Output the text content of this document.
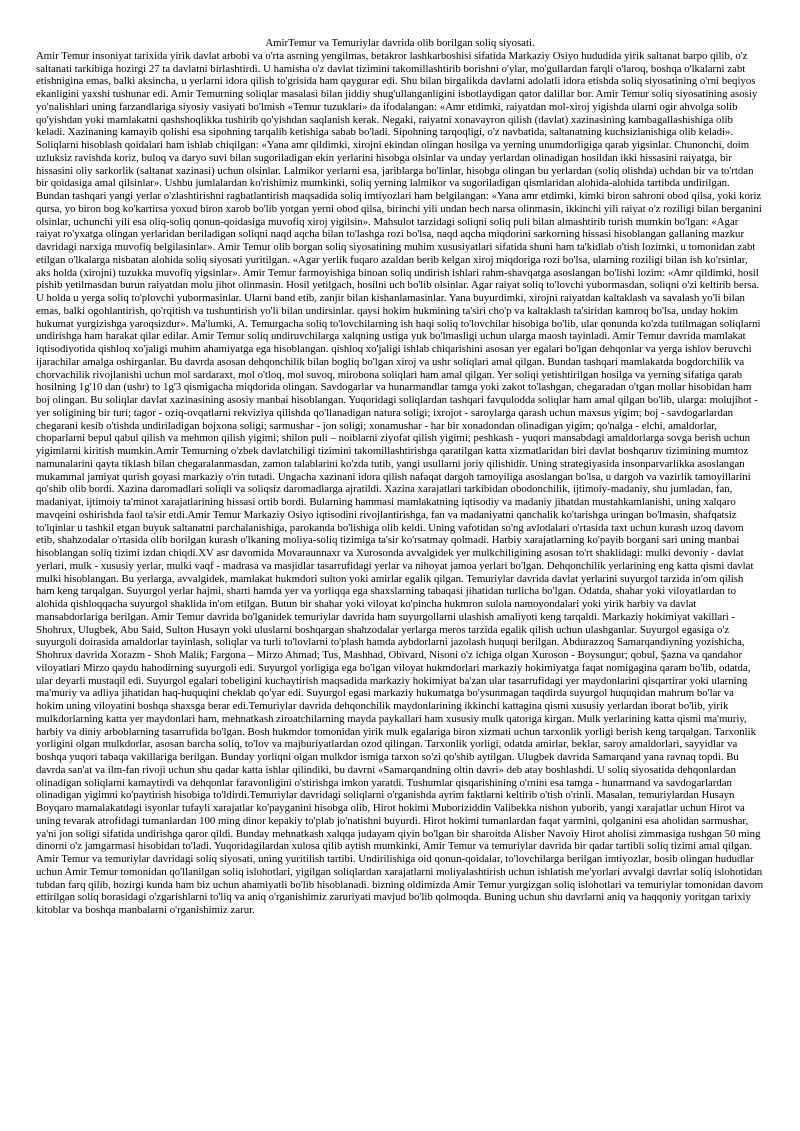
AmirTemur va Temuriylar davrida olib borilgan soliq siyosati.

Amir Temur insoniyat tarixida yirik davlat arbobi va o'rta asrning yengilmas, betakror lashkarboshisi sifatida Markaziy Osiyo hududida yirik saltanat barpo qilib, o'z saltanati tarkibiga hozirgi 27 ta davlatni birlashtirdi. U hamisha o'z davlat tizimini takomillashtirib borishni o'ylar, mo'gullardan farqli o'laroq, boshqa o'lkalarni zabt etishnigina emas, balki aksincha, u yerlarni idora qilish to'grisida ham qaygurar edi. Shu bilan birgalikda davlatni adolatli idora etishda soliq siyosatining o'rni beqiyos ekanligini yaxshi tushunar edi. Amir Temurning soliqlar masalasi bilan jiddiy shug'ullanganligini isbotlaydigan qator dalillar bor. Amir Temur soliq siyosatining asosiy yo'nalishlari uning farzandlariga siyosiy vasiyati bo'lmish «Temur tuzuklari» da ifodalangan: «Amr etdimki, raiyatdan mol-xiroj yigishda ularni ogir ahvolga solib qo'yishdan yoki mamlakatni qashshoqlikka tushirib qo'yishdan saqlanish kerak. Negaki, raiyatni xonavayron qilish (davlat) xazinasining kambagallashishiga olib keladi. Xazinaning kamayib qolishi esa sipohning tarqalib ketishiga sabab bo'ladi. Sipohning tarqoqligi, o'z navbatida, saltanatning kuchsizlanishiga olib keladi». Soliqlarni hisoblash qoidalari ham ishlab chiqilgan: «Yana amr qildimki, xirojni ekindan olingan hosilga va yerning unumdorligiga qarab yigsinlar. Chunonchi, doim uzluksiz ravishda koriz, buloq va daryo suvi bilan sugoriladigan ekin yerlarini hisobga olsinlar va unday yerlardan olinadigan hosildan ikki hissasini raiyatga, bir hissasini oliy sarkorlik (saltanat xazinasi) uchun olsinlar. Lalmikor yerlarni esa, jariblarga bo'linlar, hisobga olingan bu yerlardan (soliq olishda) uchdan bir va to'rtdan bir qoidasiga amal qilsinlar». Ushbu jumlalardan ko'rishimiz mumkinki, soliq yerning lalmikor va sugoriladigan qismlaridan alohida-alohida tartibda undirilgan. Bundan tashqari yangi yerlar o'zlashtirishni ragbatlantirish maqsadida soliq imtiyozlari ham belgilangan: «Yana amr etdimki, kimki biron sahroni obod qilsa, yoki koriz qursa, yo biron bog ko'kartirsa yoxud biron xarob bo'lib yotgan yerni obod qilsa, birinchi yili undan hech narsa olinmasin, ikkinchi yili raiyat o'z roziligi bilan berganini olsinlar, uchunchi yili esa oliq-soliq qonun-qoidasiga muvofiq xiroj yigilsin». Mahsulot tarzidagi soliqni soliq puli bilan almashtirib turish mumkin bo'lgan: «Agar raiyat ro'yxatga olingan yerlaridan beriladigan soliqni naqd aqcha bilan to'lashga rozi bo'lsa, naqd aqcha miqdorini sarkorning hissasi hisoblangan gallaning mazkur davridagi narxiga muvofiq belgilasinlar». Amir Temur olib borgan soliq siyosatining muhim xususiyatlari sifatida shuni ham ta'kidlab o'tish lozimki, u tomonidan zabt etilgan o'lkalarga nisbatan alohida soliq siyosati yuritilgan. «Agar yerlik fuqaro azaldan berib kelgan xiroj miqdoriga rozi bo'lsa, ularning roziligi bilan ish ko'rsinlar, aks holda (xirojni) tuzukka muvofiq yigsinlar». Amir Temur farmoyishiga binoan soliq undirish ishlari rahm-shavqatga asoslangan bo'lishi lozim: «Amr qildimki, hosil pishib yetilmasdan burun raiyatdan molu jihot olinmasin. Hosil yetilgach, hosilni uch bo'lib olsinlar. Agar raiyat soliq to'lovchi yubormasdan, soliqni o'zi keltirib bersa. U holda u yerga soliq to'plovchi yubormasinlar. Ularni band etib, zanjir bilan kishanlamasinlar. Yana buyurdimki, xirojni raiyatdan kaltaklash va savalash yo'li bilan emas, balki ogohlantirish, qo'rqitish va tushuntirish yo'li bilan undirsinlar. qaysi hokim hukmining ta'siri cho'p va kaltaklash ta'siridan kamroq bo'lsa, unday hokim hukumat yurgizishga yaroqsizdur». Ma'lumki, A. Temurgacha soliq to'lovchilarning ish haqi soliq to'lovchilar hisobiga bo'lib, ular qonunda ko'zda tutilmagan soliqlarni undirishga ham harakat qilar edilar. Amir Temur soliq undiruvchilarga xalqning ustiga yuk bo'lmasligi uchun ularga maosh tayinladi. Amir Temur davrida mamlakat iqtisodiyotida qishloq xo'jaligi muhim ahamiyatga ega hisoblangan. qishloq xo'jaligi ishlab chiqarishini asosan yer egalari bo'lgan dehqonlar va yerga ishlov beruvchi ijarachilar amalga oshirganlar. Bu davrda asosan dehqonchilik bilan bogliq bo'lgan xiroj va ushr soliqlari amal qilgan. Bundan tashqari mamlakatda bogdorchilik va chorvachilik rivojlanishi uchun mol sardaraxt, mol o'tloq, mol suvoq, mirobona soliqlari ham amal qilgan. Yer soliqi yetishtirilgan hosilga va yerning sifatiga qarab hosilning 1g'10 dan (ushr) to 1g'3 qismigacha miqdorida olingan. Savdogarlar va hunarmandlar tamga yoki zakot to'lashgan, chegaradan o'tgan mollar hisobidan ham boj olingan. Bu soliqlar davlat xazinasining asosiy manbai hisoblangan. Yuqoridagi soliqlardan tashqari favqulodda soliqlar ham amal qilgan bo'lib, ularga: molujihot - yer soligining bir turi; tagor - oziq-ovqatlarni rekviziya qilishda qo'llanadigan natura soligi; ixrojot - saroylarga qarash uchun maxsus yigim; boj - savdogarlardan chegarani kesib o'tishda undiriladigan bojxona soligi; sarmushar - jon soligi; xonamushar - har bir xonadondan olinadigan yigim; qo'nalga - elchi, amaldorlar, choparlarni bepul qabul qilish va mehmon qilish yigimi; shilon puli – noiblarni ziyofat qilish yigimi; peshkash - yuqori mansabdagi amaldorlarga sovga berish uchun yigimlarni kiritish mumkin.Amir Temurning o'zbek davlatchiligi tizimini takomillashtirishga qaratilgan katta xizmatlaridan biri davlat boshqaruv tizimining mumtoz namunalarini qayta tiklash bilan chegaralanmasdan, zamon talablarini ko'zda tutib, yangi usullarni joriy qilishidir. Uning strategiyasida insonparvarlikka asoslangan mukammal jamiyat qurish goyasi markaziy o'rin tutadi. Ungacha xazinani idora qilish nafaqat dargoh tamoyiliga asoslangan bo'lsa, u dargoh va vazirlik tamoyillarini qo'shib olib bordi. Xazina daromadlari soliqli va soliqsiz daromadlarga ajratildi. Xazina xarajatlari tarkibidan obodonchilik, ijtimoiy-madaniy, shu jumladan, fan, madaniyat, ijtimoiy ta'minot xarajatlarining hissasi ortib bordi. Bularning hammasi mamlakatning iqtisodiy va madaniy jihatdan mustahkamlanishi, uning xalqaro mavqeini oshirishda faol ta'sir etdi.Amir Temur Markaziy Osiyo iqtisodini rivojlantirishga, fan va madaniyatni qanchalik ko'tarishga uringan bo'lmasin, shafqatsiz to'lqinlar u tashkil etgan buyuk saltanatni parchalanishiga, parokanda bo'lishiga olib keldi. Uning vafotidan so'ng avlodalari o'rtasida taxt uchun kurash uzoq davom etib, shahzodalar o'rtasida olib borilgan kurash o'lkaning moliya-soliq tizimiga ta'sir ko'rsatmay qolmadi. Harbiy xarajatlarning ko'payib borgani sari uning manbai hisoblangan soliq tizimi izdan chiqdi.XV asr davomida Movaraunnaxr va Xurosonda avvalgidek yer mulkchiligining asosan to'rt shaklidagi: mulki devoniy - davlat yerlari, mulk - xususiy yerlar, mulki vaqf - madrasa va masjidlar tasarrufidagi yerlar va nihoyat jamoa yerlari bo'lgan. Dehqonchilik yerlarining eng katta qismi davlat mulki hisoblangan. Bu yerlarga, avvalgidek, mamlakat hukmdori sulton yoki amirlar egalik qilgan. Temuriylar davrida davlat yerlarini suyurgol tarzida in'om qilish ham keng tarqalgan. Suyurgol yerlar hajmi, sharti hamda yer va yorliqqa ega shaxslarning tabaqasi jihatidan turlicha bo'lgan. Odatda, shahar yoki viloyatlardan to alohida qishloqqacha suyurgol shaklida in'om etilgan. Butun bir shahar yoki viloyat ko'pincha hukmron sulola namoyondalari yoki yirik harbiy va davlat mansabdorlariga berilgan. Amir Temur davrida bo'lganidek temuriylar davrida ham suyurgollarni ulashish amaliyoti keng tarqaldi. Markaziy hokimiyat vakillari - Shohrux, Ulugbek, Abu Said, Sulton Husayn yoki uluslarni boshqargan shahzodalar yerlarga meros tarzida egalik qilish uchun ulashganlar. Suyurgol egasiga o'z suyurgoli doirasida amaldorlar tayinlash, soliqlar va turli to'lovlarni to'plash hamda aybdorlarni jazolash huquqi berilgan. Abdurazzoq Samarqandiyning yozishicha, Shohrux davrida Xorazm - Shoh Malik; Fargona – Mirzo Ahmad; Tus, Mashhad, Obivard, Nisoni o'z ichiga olgan Xuroson - Boysungur; qobul, Şazna va qandahor viloyatlari Mirzo qaydu hahodirning suyurgoli edi. Suyurgol yorligiga ega bo'lgan viloyat hukmdorlari markaziy hokimiyatga faqat nomigagina qaram bo'lib, odatda, ular deyarli mustaqil edi. Suyurgol egalari tobeligini kuchaytirish maqsadida markaziy hokimiyat ba'zan ular tasarrufidagi yer maydonlarini qisqartirar yoki ularning ma'muriy va adliya jihatidan haq-huquqini cheklab qo'yar edi. Suyurgol egasi markaziy hukumatga bo'ysunmagan taqdirda suyurgol huquqidan mahrum bo'lar va hokim uning viloyatini boshqa shaxsga berar edi.Temuriylar davrida dehqonchilik maydonlarining ikkinchi kattagina qismi xususiy yerlardan iborat bo'lib, yirik mulkdorlarning katta yer maydonlari ham, mehnatkash ziroatchilarning mayda paykallari ham xususiy mulk qatoriga kirgan. Mulk yerlarining katta qismi ma'muriy, harbiy va diniy arboblarning tasarrufida bo'lgan. Bosh hukmdor tomonidan yirik mulk egalariga biron xizmati uchun tarxonlik yorligi berish keng tarqalgan. Tarxonlik yorligini olgan mulkdorlar, asosan barcha soliq, to'lov va majburiyatlardan ozod qilingan. Tarxonlik yorligi, odatda amirlar, beklar, saroy amaldorlari, sayyidlar va boshqa yuqori tabaqa vakillariga berilgan. Bunday yorliqni olgan mulkdor ismiga tarxon so'zi qo'shib aytilgan. Ulugbek davrida Samarqand yana ravnaq topdi. Bu davrda san'at va ilm-fan rivoji uchun shu qadar katta ishlar qilindiki, bu davrni «Samarqandning oltin davri» deb atay boshlashdi. U soliq siyosatida dehqonlardan olinadigan soliqlarni kamaytirdi va dehqonlar faravonligini o'stirishga imkon yaratdi. Tushumlar qisqarishining o'rnini esa tamga - hunarmand va savdogarlardan olinadigan yigimni ko'paytirish hisobiga to'ldirdi.Temuriylar davridagi soliqlarni o'rganishda ayrim faktlarni keltirib o'tish o'rinli. Masalan, temuriylardan Husayn Boyqaro mamalakatdagi isyonlar tufayli xarajatlar ko'payganini hisobga olib, Hirot hokimi Muboriziddin Valibekka nishon yuborib, yangi xarajatlar uchun Hirot va uning tevarak atrofidagi tumanlardan 100 ming dinor kepakiy to'plab jo'natishni buyurdi. Hirot hokimi tumanlardan faqat yarmini, qolganini esa aholidan sarmushar, ya'ni jon soligi sifatida undirishga qaror qildi. Bunday mehnatkash xalqqa judayam qiyin bo'lgan bir sharoitda Alisher Navoiy Hirot aholisi zimmasiga tushgan 50 ming dinorni o'z jamgarmasi hisobidan to'ladi. Yuqoridagilardan xulosa qilib aytish mumkinki, Amir Temur va temuriylar davrida bir qadar tartibli soliq tizimi amal qilgan. Amir Temur va temuriylar davridagi soliq siyosati, uning yuritilish tartibi. Undirilishiga oid qonun-qoidalar, to'lovchilarga berilgan imtiyozlar, bosib olingan hududlar uchun Amir Temur tomonidan qo'llanilgan soliq islohotlari, yigilgan soliqlardan xarajatlarni moliyalashtirish uchun ishlatish me'yorlari avvalgi davrlar soliq islohotidan tubdan farq qilib, hozirgi kunda ham biz uchun ahamiyatli bo'lib hisoblanadi. bizning oldimizda Amir Temur yurgizgan soliq islohotlari va temuriylar tomonidan davom ettirilgan soliq borasidagi o'zgarishlarni to'liq va aniq o'rganishimiz zaruriyati mavjud bo'lib qolmoqda. Buning uchun shu davrlarni aniq va haqqoniy yoritgan tarixiy kitoblar va boshqa manbalarni o'rganishimiz zarur.
